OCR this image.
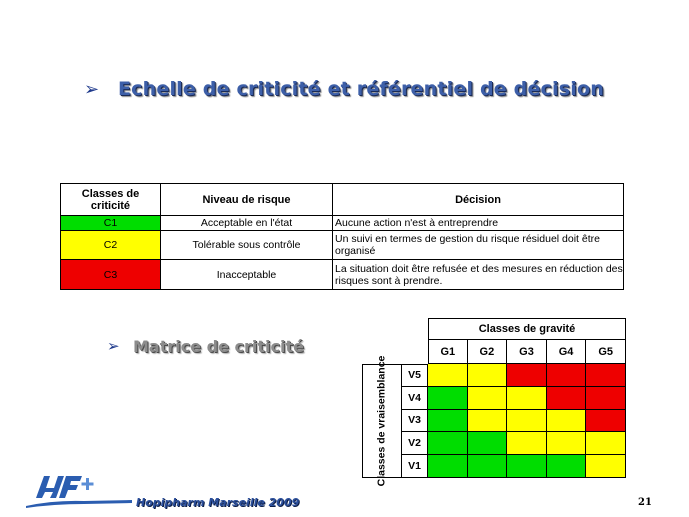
➢ Echelle de criticité et référentiel de décision
Classes de criticité	Niveau de risque	Décision
C1	Acceptable en l'état	Aucune action n'est à entreprendre
C2	Tolérable sous contrôle	Un suivi en termes de gestion du risque résiduel doit être organisé
C3	Inacceptable	La situation doit être refusée et des mesures en réduction des risques sont à prendre.
➢ Matrice de criticité
Classes de gravité
Classes de vraisemblance
G1	G2	G3	G4	G5
V5
V4
V3
V2
V1
Hopipharm Marseille 2009	21
